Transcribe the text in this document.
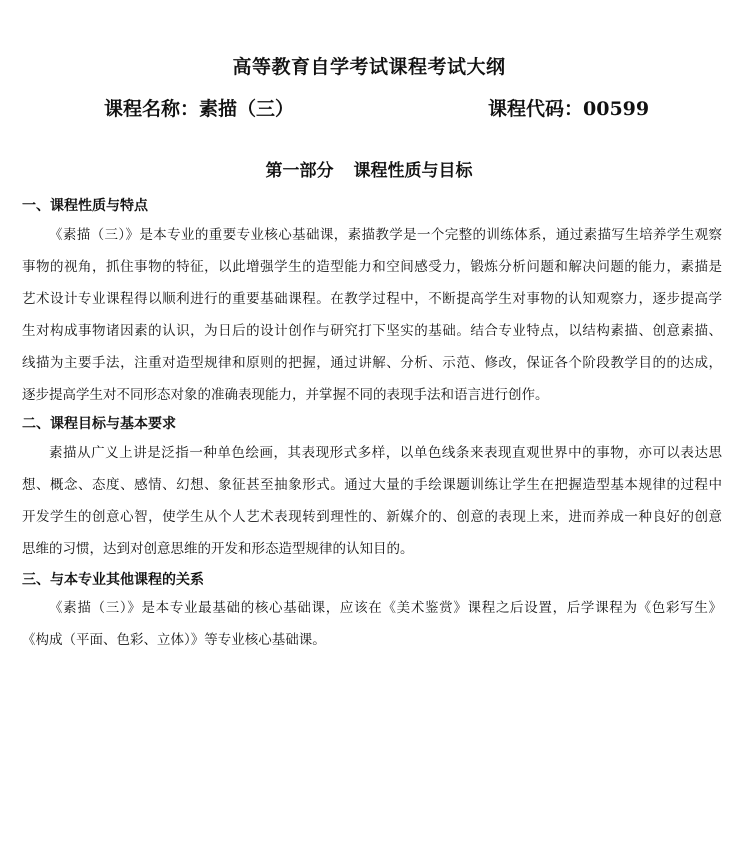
高等教育自学考试课程考试大纲
课程名称：素描（三）	课程代码：00599
第一部分 课程性质与目标
一、课程性质与特点
《素描（三）》是本专业的重要专业核心基础课，素描教学是一个完整的训练体系，通过素描写生培养学生观察
事物的视角，抓住事物的特征，以此增强学生的造型能力和空间感受力，锻炼分析问题和解决问题的能力，素描是
艺术设计专业课程得以顺利进行的重要基础课程。在教学过程中，不断提高学生对事物的认知观察力，逐步提高学
生对构成事物诸因素的认识，为日后的设计创作与研究打下坚实的基础。结合专业特点，以结构素描、创意素描、
线描为主要手法，注重对造型规律和原则的把握，通过讲解、分析、示范、修改，保证各个阶段教学目的的达成，
逐步提高学生对不同形态对象的准确表现能力，并掌握不同的表现手法和语言进行创作。
二、课程目标与基本要求
素描从广义上讲是泛指一种单色绘画，其表现形式多样，以单色线条来表现直观世界中的事物，亦可以表达思
想、概念、态度、感情、幻想、象征甚至抽象形式。通过大量的手绘课题训练让学生在把握造型基本规律的过程中
开发学生的创意心智，使学生从个人艺术表现转到理性的、新媒介的、创意的表现上来，进而养成一种良好的创意
思维的习惯，达到对创意思维的开发和形态造型规律的认知目的。
三、与本专业其他课程的关系
《素描（三）》是本专业最基础的核心基础课，应该在《美术鉴赏》课程之后设置，后学课程为《色彩写生》
《构成（平面、色彩、立体）》等专业核心基础课。
